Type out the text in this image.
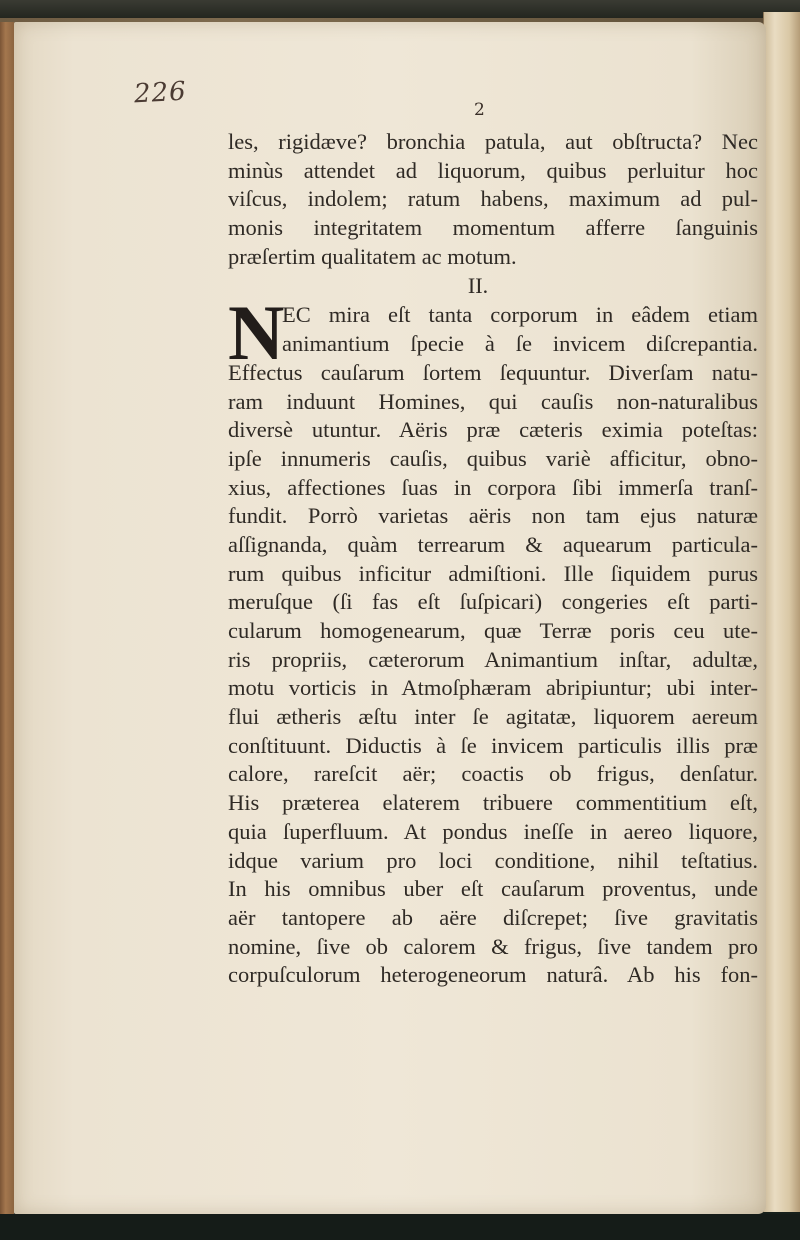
226
2
les, rigidæve? bronchia patula, aut obſtructa? Nec
minùs attendet ad liquorum, quibus perluitur hoc
viſcus, indolem; ratum habens, maximum ad pul-
monis integritatem momentum afferre ſanguinis
præſertim qualitatem ac motum.
II.
N
EC mira eſt tanta corporum in eâdem etiam
animantium ſpecie à ſe invicem diſcrepantia.
Effectus cauſarum ſortem ſequuntur. Diverſam natu-
ram induunt Homines, qui cauſis non-naturalibus
diversè utuntur. Aëris præ cæteris eximia poteſtas:
ipſe innumeris cauſis, quibus variè afficitur, obno-
xius, affectiones ſuas in corpora ſibi immerſa tranſ-
fundit. Porrò varietas aëris non tam ejus naturæ
aſſignanda, quàm terrearum & aquearum particula-
rum quibus inficitur admiſtioni. Ille ſiquidem purus
meruſque (ſi fas eſt ſuſpicari) congeries eſt parti-
cularum homogenearum, quæ Terræ poris ceu ute-
ris propriis, cæterorum Animantium inſtar, adultæ,
motu vorticis in Atmoſphæram abripiuntur; ubi inter-
flui ætheris æſtu inter ſe agitatæ, liquorem aereum
conſtituunt. Diductis à ſe invicem particulis illis præ
calore, rareſcit aër; coactis ob frigus, denſatur.
His præterea elaterem tribuere commentitium eſt,
quia ſuperfluum. At pondus ineſſe in aereo liquore,
idque varium pro loci conditione, nihil teſtatius.
In his omnibus uber eſt cauſarum proventus, unde
aër tantopere ab aëre diſcrepet; ſive gravitatis
nomine, ſive ob calorem & frigus, ſive tandem pro
corpuſculorum heterogeneorum naturâ. Ab his fon-
